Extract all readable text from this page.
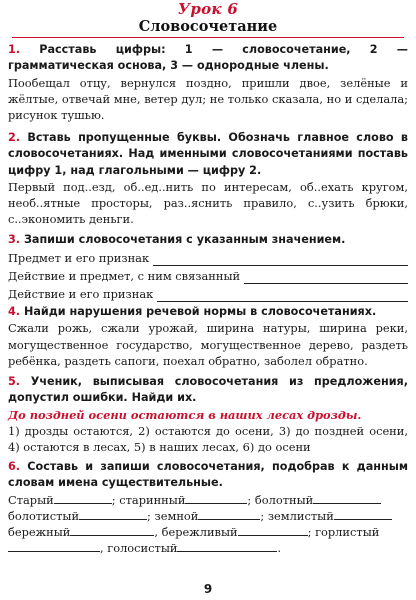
Урок 6
Словосочетание
1. Расставь цифры: 1 — словосочетание, 2 — грамматическая основа, 3 — однородные члены.
Пообещал отцу, вернулся поздно, пришли двое, зелёные и жёлтые, отвечай мне, ветер дул; не только сказала, но и сделала; рисунок тушью.
2. Вставь пропущенные буквы. Обозначь главное слово в словосочетаниях. Над именными словосочетаниями поставь цифру 1, над глагольными — цифру 2.
Первый под..езд, об..ед..нить по интересам, об..ехать кругом, необ..ятные просторы, раз..яснить правило, с..узить брюки, с..экономить деньги.
3. Запиши словосочетания с указанным значением.
Предмет и его признак
Действие и предмет, с ним связанный
Действие и его признак
4. Найди нарушения речевой нормы в словосочетаниях.
Сжали рожь, сжали урожай, ширина натуры, ширина реки, могущественное государство, могущественное дерево, раздеть ребёнка, раздеть сапоги, поехал обратно, заболел обратно.
5. Ученик, выписывая словосочетания из предложения, допустил ошибки. Найди их.
До поздней осени остаются в наших лесах дрозды.
1) дрозды остаются, 2) остаются до осени, 3) до поздней осени, 4) остаются в лесах, 5) в наших лесах, 6) до осени
6. Составь и запиши словосочетания, подобрав к данным словам имена существительные.
Старый	; старинный	; болотный
болотистый	; земной	; землистый
бережный	, бережливый	; горлистый
, голосистый	.
9
